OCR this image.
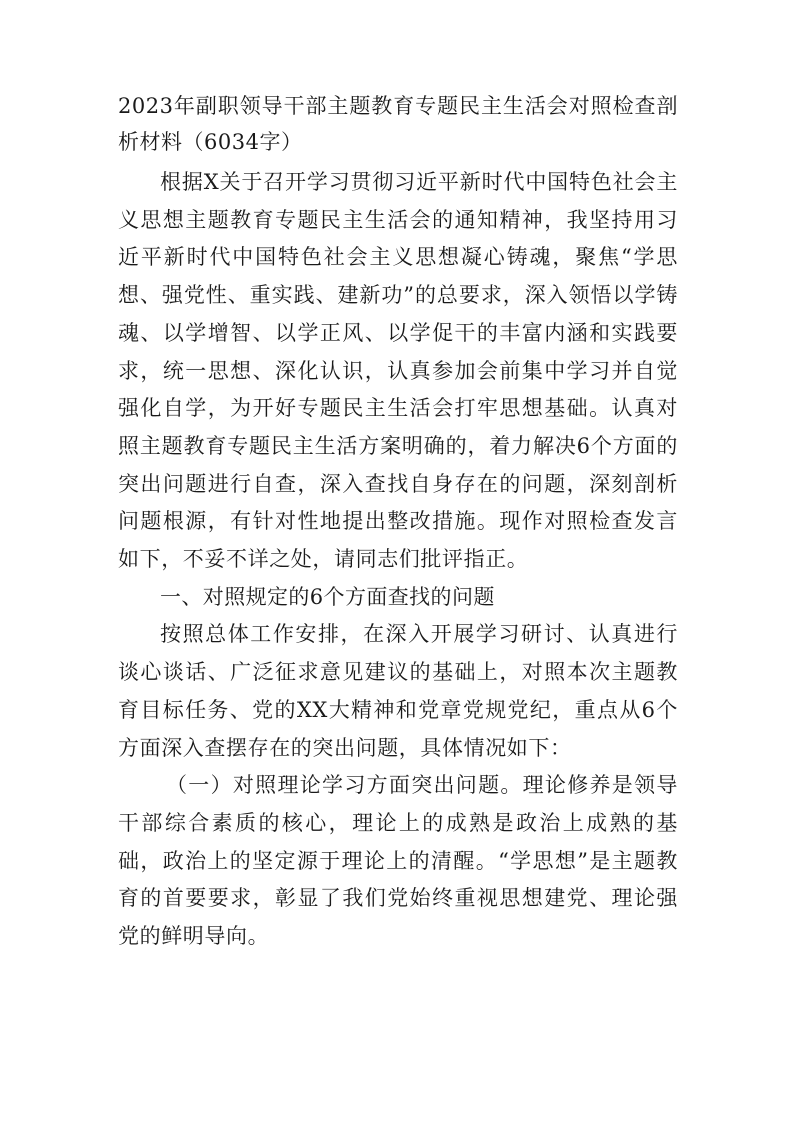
2023年副职领导干部主题教育专题民主生活会对照检查剖析材料（6034字）

根据X关于召开学习贯彻习近平新时代中国特色社会主义思想主题教育专题民主生活会的通知精神，我坚持用习近平新时代中国特色社会主义思想凝心铸魂，聚焦“学思想、强党性、重实践、建新功”的总要求，深入领悟以学铸魂、以学增智、以学正风、以学促干的丰富内涵和实践要求，统一思想、深化认识，认真参加会前集中学习并自觉强化自学，为开好专题民主生活会打牢思想基础。认真对照主题教育专题民主生活方案明确的，着力解决6个方面的突出问题进行自查，深入查找自身存在的问题，深刻剖析问题根源，有针对性地提出整改措施。现作对照检查发言如下，不妥不详之处，请同志们批评指正。

一、对照规定的6个方面查找的问题

按照总体工作安排，在深入开展学习研讨、认真进行谈心谈话、广泛征求意见建议的基础上，对照本次主题教育目标任务、党的XX大精神和党章党规党纪，重点从6个方面深入查摆存在的突出问题，具体情况如下：

（一）对照理论学习方面突出问题。理论修养是领导干部综合素质的核心，理论上的成熟是政治上成熟的基础，政治上的坚定源于理论上的清醒。“学思想”是主题教育的首要要求，彰显了我们党始终重视思想建党、理论强党的鲜明导向。
